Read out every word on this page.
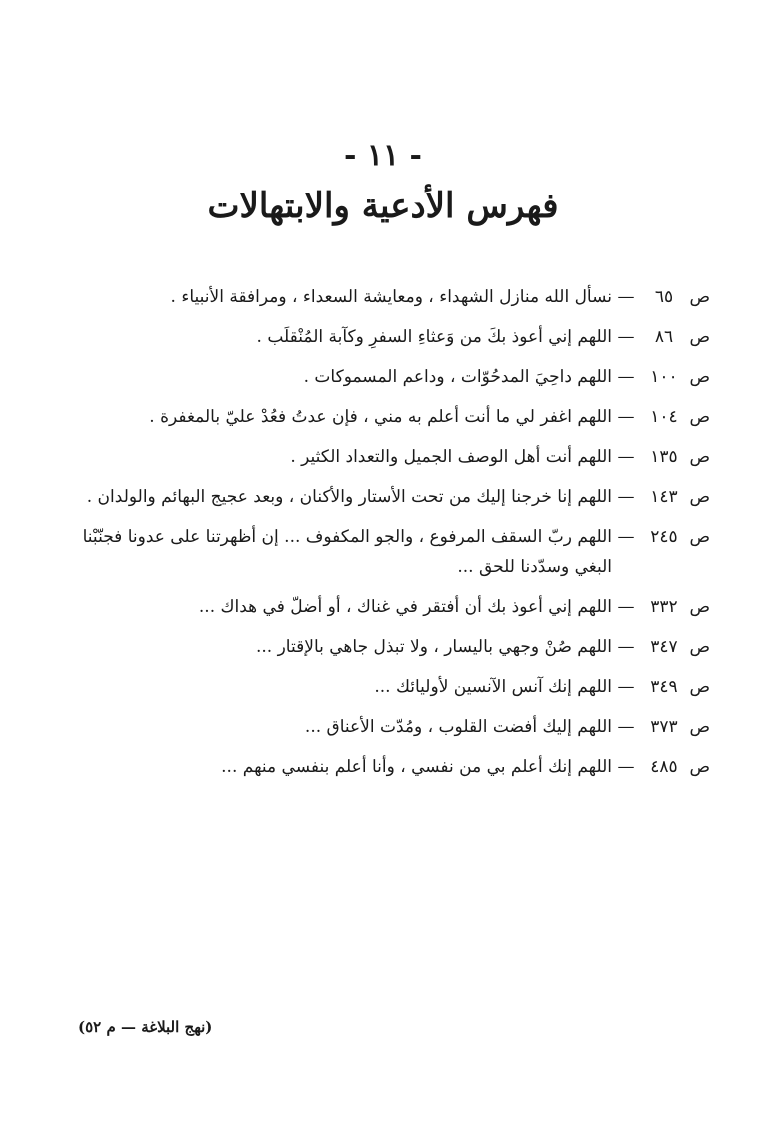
- ١١ -
فهرس الأدعية والابتهالات
ص
٦٥
—
نسأل الله منازل الشهداء ، ومعايشة السعداء ، ومرافقة الأنبياء .
ص
٨٦
—
اللهم إني أعوذ بكَ من وَعثاءِ السفرِ وكآبة المُنْقلَب .
ص
١٠٠
—
اللهم داحِيَ المدحُوّات ، وداعم المسموكات .
ص
١٠٤
—
اللهم اغفر لي ما أنت أعلم به مني ، فإن عدتُ فعُدْ عليّ بالمغفرة .
ص
١٣٥
—
اللهم أنت أهل الوصف الجميل والتعداد الكثير .
ص
١٤٣
—
اللهم إنا خرجنا إليك من تحت الأستار والأكنان ، وبعد عجيج البهائم والولدان .
ص
٢٤٥
—
اللهم ربّ السقف المرفوع ، والجو المكفوف ... إن أظهرتنا على عدونا فجنّبْنا البغي وسدّدنا للحق ...
ص
٣٣٢
—
اللهم إني أعوذ بك أن أفتقر في غناك ، أو أضلّ في هداك ...
ص
٣٤٧
—
اللهم صُنْ وجهي باليسار ، ولا تبذل جاهي بالإقتار ...
ص
٣٤٩
—
اللهم إنك آنس الآنسين لأوليائك ...
ص
٣٧٣
—
اللهم إليك أفضت القلوب ، ومُدّت الأعناق ...
ص
٤٨٥
—
اللهم إنك أعلم بي من نفسي ، وأنا أعلم بنفسي منهم ...
(نهج البلاغة — م ٥٢)
